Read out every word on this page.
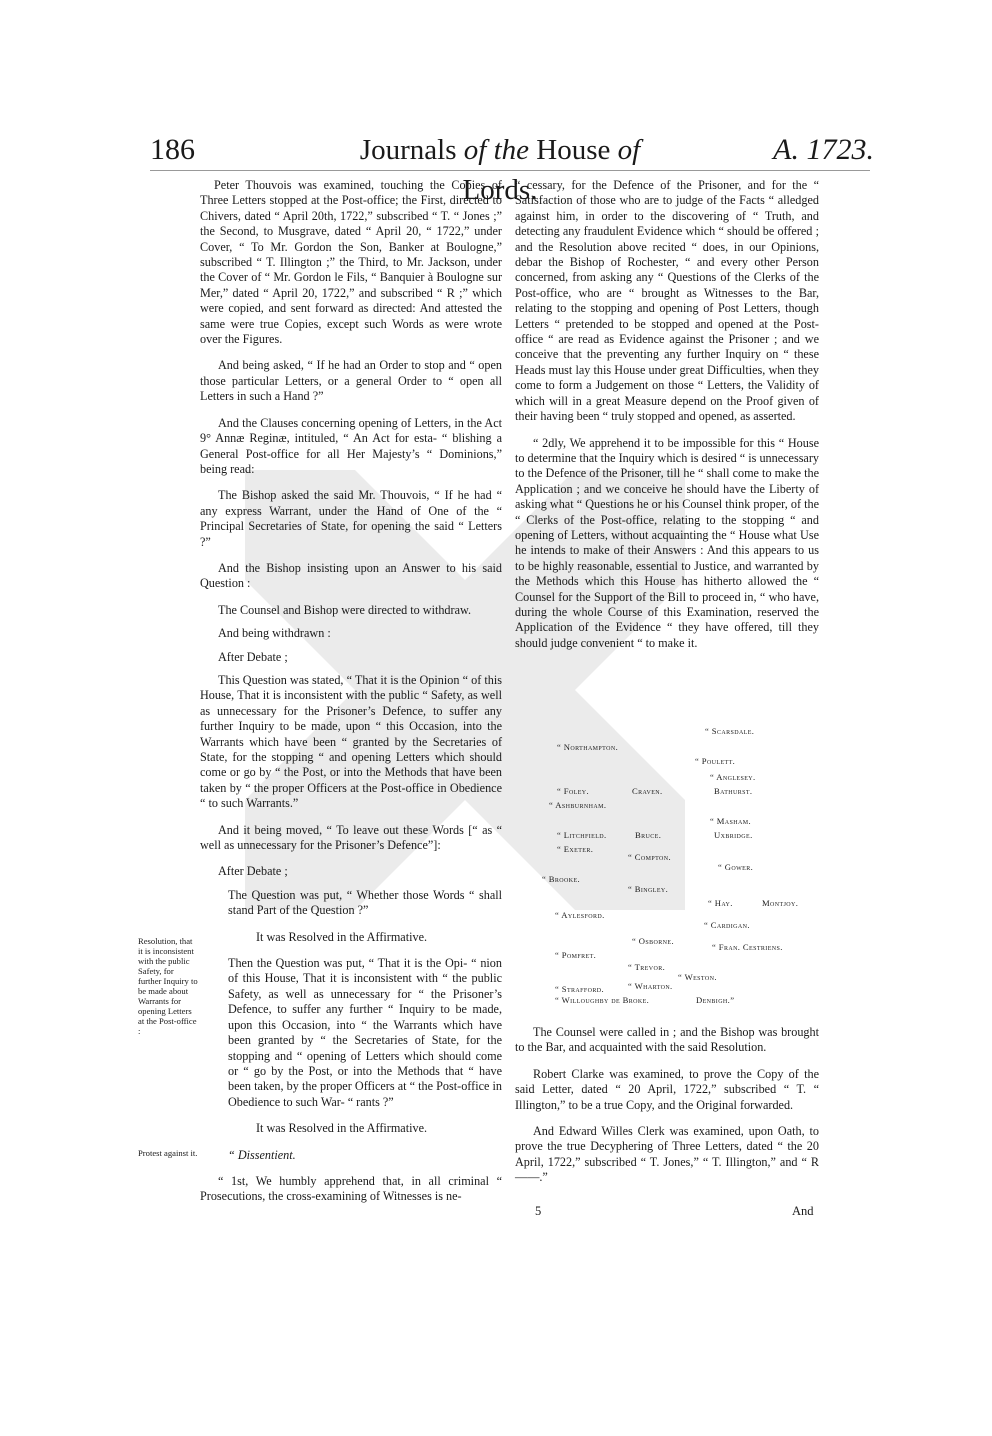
186	Journals of the House of Lords.
A. 1723.

Peter Thouvois was examined, touching the Copies of Three Letters stopped at the Post-office; the First, directed to Chivers, dated “ April 20th, 1722,” subscribed “ T. “ Jones ;” the Second, to Musgrave, dated “ April 20, “ 1722,” under Cover, “ To Mr. Gordon the Son, Banker at Boulogne,” subscribed “ T. Illington ;” the Third, to Mr. Jackson, under the Cover of “ Mr. Gordon le Fils, “ Banquier à Boulogne sur Mer,” dated “ April 20, 1722,” and subscribed “ R ;” which were copied, and sent forward as directed: And attested the same were true Copies, except such Words as were wrote over the Figures.

And being asked, “ If he had an Order to stop and “ open those particular Letters, or a general Order to “ open all Letters in such a Hand ?”

And the Clauses concerning opening of Letters, in the Act 9° Annæ Reginæ, intituled, “ An Act for esta- “ blishing a General Post-office for all Her Majesty’s “ Dominions,” being read:

The Bishop asked the said Mr. Thouvois, “ If he had “ any express Warrant, under the Hand of One of the “ Principal Secretaries of State, for opening the said “ Letters ?”

And the Bishop insisting upon an Answer to his said Question :

The Counsel and Bishop were directed to withdraw.

And being withdrawn :

After Debate ;

This Question was stated, “ That it is the Opinion “ of this House, That it is inconsistent with the public “ Safety, as well as unnecessary for the Prisoner’s Defence, to suffer any further Inquiry to be made, upon “ this Occasion, into the Warrants which have been “ granted by the Secretaries of State, for the stopping “ and opening Letters which should come or go by “ the Post, or into the Methods that have been taken by “ the proper Officers at the Post-office in Obedience “ to such Warrants.”

And it being moved, “ To leave out these Words [“ as “ well as unnecessary for the Prisoner’s Defence”]:

After Debate ;

The Question was put, “ Whether those Words “ shall stand Part of the Question ?”

It was Resolved in the Affirmative.

Then the Question was put, “ That it is the Opi- “ nion of this House, That it is inconsistent with “ the public Safety, as well as unnecessary for “ the Prisoner’s Defence, to suffer any further “ Inquiry to be made, upon this Occasion, into “ the Warrants which have been granted by “ the Secretaries of State, for the stopping and “ opening of Letters which should come or “ go by the Post, or into the Methods that “ have been taken, by the proper Officers at “ the Post-office in Obedience to such War- “ rants ?”

It was Resolved in the Affirmative.

“ Dissentient.

“ 1st, We humbly apprehend that, in all criminal “ Prosecutions, the cross-examining of Witnesses is ne-

Resolution, that it is inconsistent with the public Safety, for further Inquiry to be made about Warrants for opening Letters at the Post-office :
Protest against it.

“ cessary, for the Defence of the Prisoner, and for the “ Satisfaction of those who are to judge of the Facts “ alledged against him, in order to the discovering of “ Truth, and detecting any fraudulent Evidence which “ should be offered ; and the Resolution above recited “ does, in our Opinions, debar the Bishop of Rochester, “ and every other Person concerned, from asking any “ Questions of the Clerks of the Post-office, who are “ brought as Witnesses to the Bar, relating to the stopping and opening of Post Letters, though Letters “ pretended to be stopped and opened at the Post-office “ are read as Evidence against the Prisoner ; and we conceive that the preventing any further Inquiry on “ these Heads must lay this House under great Difficulties, when they come to form a Judgement on those “ Letters, the Validity of which will in a great Measure depend on the Proof given of their having been “ truly stopped and opened, as asserted.

“ 2dly, We apprehend it to be impossible for this “ House to determine that the Inquiry which is desired “ is unnecessary to the Defence of the Prisoner, till he “ shall come to make the Application ; and we conceive he should have the Liberty of asking what “ Questions he or his Counsel think proper, of the “ Clerks of the Post-office, relating to the stopping “ and opening of Letters, without acquainting the “ House what Use he intends to make of their Answers : And this appears to us to be highly reasonable, essential to Justice, and warranted by the Methods which this House has hitherto allowed the “ Counsel for the Support of the Bill to proceed in, “ who have, during the whole Course of this Examination, reserved the Application of the Evidence “ they have offered, till they should judge convenient “ to make it.

“ Scarsdale.
“ Northampton.
“ Poulett.
“ Anglesey.
“ Foley.	Craven.	Bathurst.
“ Ashburnham.
“ Masham.
“ Litchfield.	Bruce.	Uxbridge.
“ Exeter.
“ Compton.
“ Gower.
“ Brooke.
“ Bingley.
“ Hay.	Montjoy.
“ Aylesford.
“ Cardigan.
“ Osborne.
“ Fran. Cestriens.
“ Pomfret.
“ Trevor.
“ Weston.
“ Strafford.	“ Wharton.
“ Willoughby de Broke.	Denbigh.”

The Counsel were called in ; and the Bishop was brought to the Bar, and acquainted with the said Resolution.

Robert Clarke was examined, to prove the Copy of the said Letter, dated “ 20 April, 1722,” subscribed “ T. “ Illington,” to be a true Copy, and the Original forwarded.

And Edward Willes Clerk was examined, upon Oath, to prove the true Decyphering of Three Letters, dated “ the 20 April, 1722,” subscribed “ T. Jones,” “ T. Illington,” and “ R——.”

5	And
